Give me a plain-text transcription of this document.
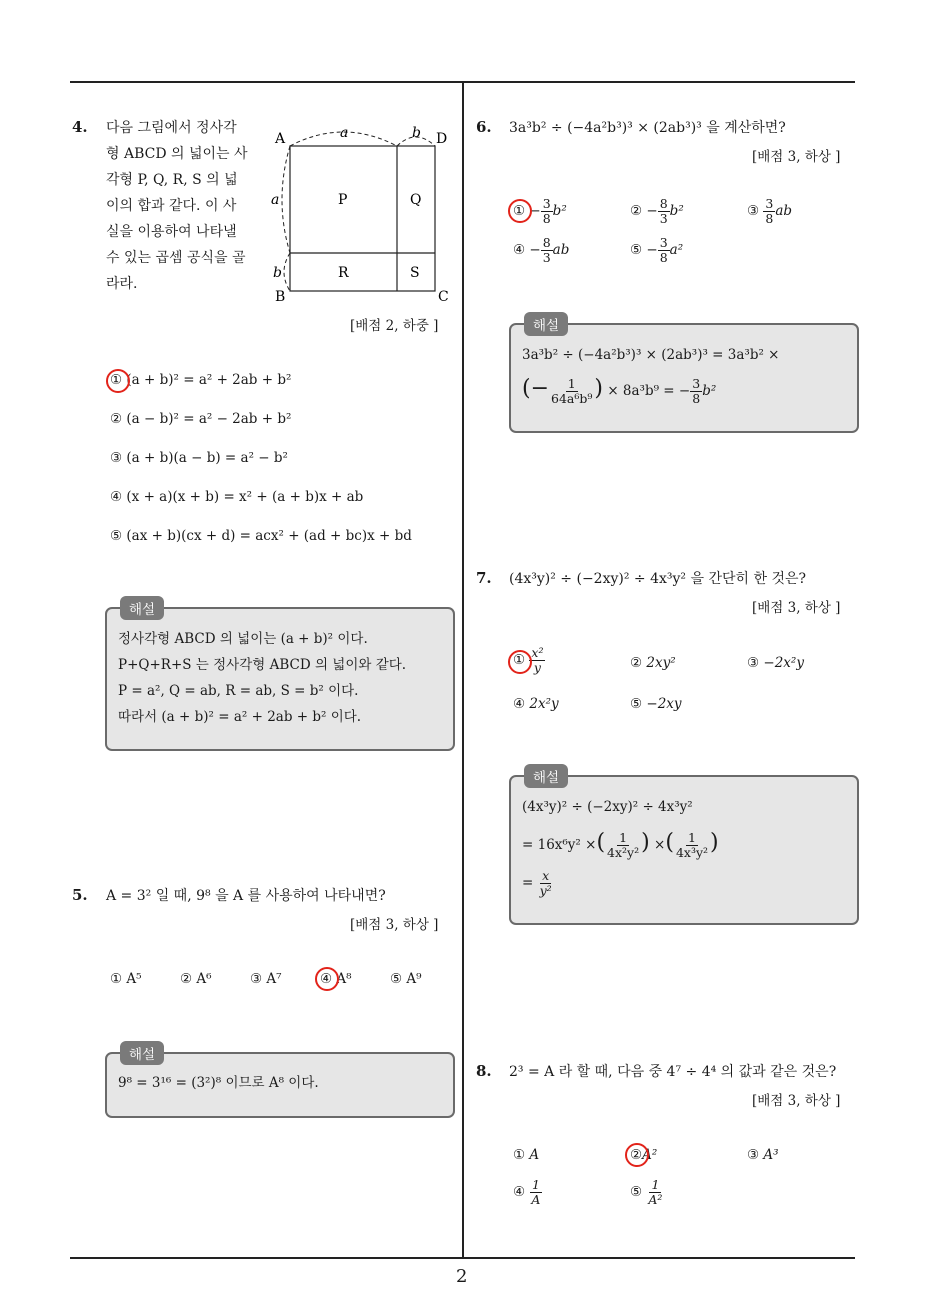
2
4. 다음 그림에서 정사각
형 ABCD 의 넓이는 사
각형 P, Q, R, S 의 넓
이의 합과 같다. 이 사
실을 이용하여 나타낼
수 있는 곱셈 공식을 골
라라.
A	D
B	C
a	b
a
b
P	Q
R	S
[배점 2, 하중 ]
① (a + b)² = a² + 2ab + b²
② (a − b)² = a² − 2ab + b²
③ (a + b)(a − b) = a² − b²
④ (x + a)(x + b) = x² + (a + b)x + ab
⑤ (ax + b)(cx + d) = acx² + (ad + bc)x + bd
해설
정사각형 ABCD 의 넓이는 (a + b)² 이다.
P+Q+R+S 는 정사각형 ABCD 의 넓이와 같다.
P = a², Q = ab, R = ab, S = b² 이다.
따라서 (a + b)² = a² + 2ab + b² 이다.
5. A = 3² 일 때, 9⁸ 을 A 를 사용하여 나타내면?
[배점 3, 하상 ]
① A⁵	② A⁶	③ A⁷	④ A⁸	⑤ A⁹
해설
9⁸ = 3¹⁶ = (3²)⁸ 이므로 A⁸ 이다.
6. 3a³b² ÷ (−4a²b³)³ × (2ab³)³ 을 계산하면?
[배점 3, 하상 ]
① − $\frac{3}{8} b^2$	② − $\frac{8}{3} b^2$	③ $\frac{3}{8}$ ab
④ − $\frac{8}{3}$ ab	⑤ − $\frac{3}{8} a^2$
해설
3a³b² ÷ (−4a²b³)³ × (2ab³)³ = 3a³b² ×
(− $\frac{1}{\text{64a⁶b⁹}}$ ) × 8a³b⁹ = − $\frac{3}{8} b^2$
7. (4x³y)² ÷ (−2xy)² ÷ 4x³y² 을 간단히 한 것은?
[배점 3, 하상 ]
① $\frac{\text{x²}}{y}$	② 2xy²	③ −2x²y
④ 2x²y	⑤ −2xy
해설
(4x³y)² ÷ (−2xy)² ÷ 4x³y²
= 16x⁶y² ×( $\frac{1}{\text{4x²y²}}$ ) ×( $\frac{1}{\text{4x³y²}}$ )
= $\frac{x}{\text{y²}}$
8. 2³ = A 라 할 때, 다음 중 4⁷ ÷ 4⁴ 의 값과 같은 것은?
[배점 3, 하상 ]
① A	②A²	③ A³
④ $\frac{1}{A}$	⑤ $\frac{1}{\text{A²}}$
